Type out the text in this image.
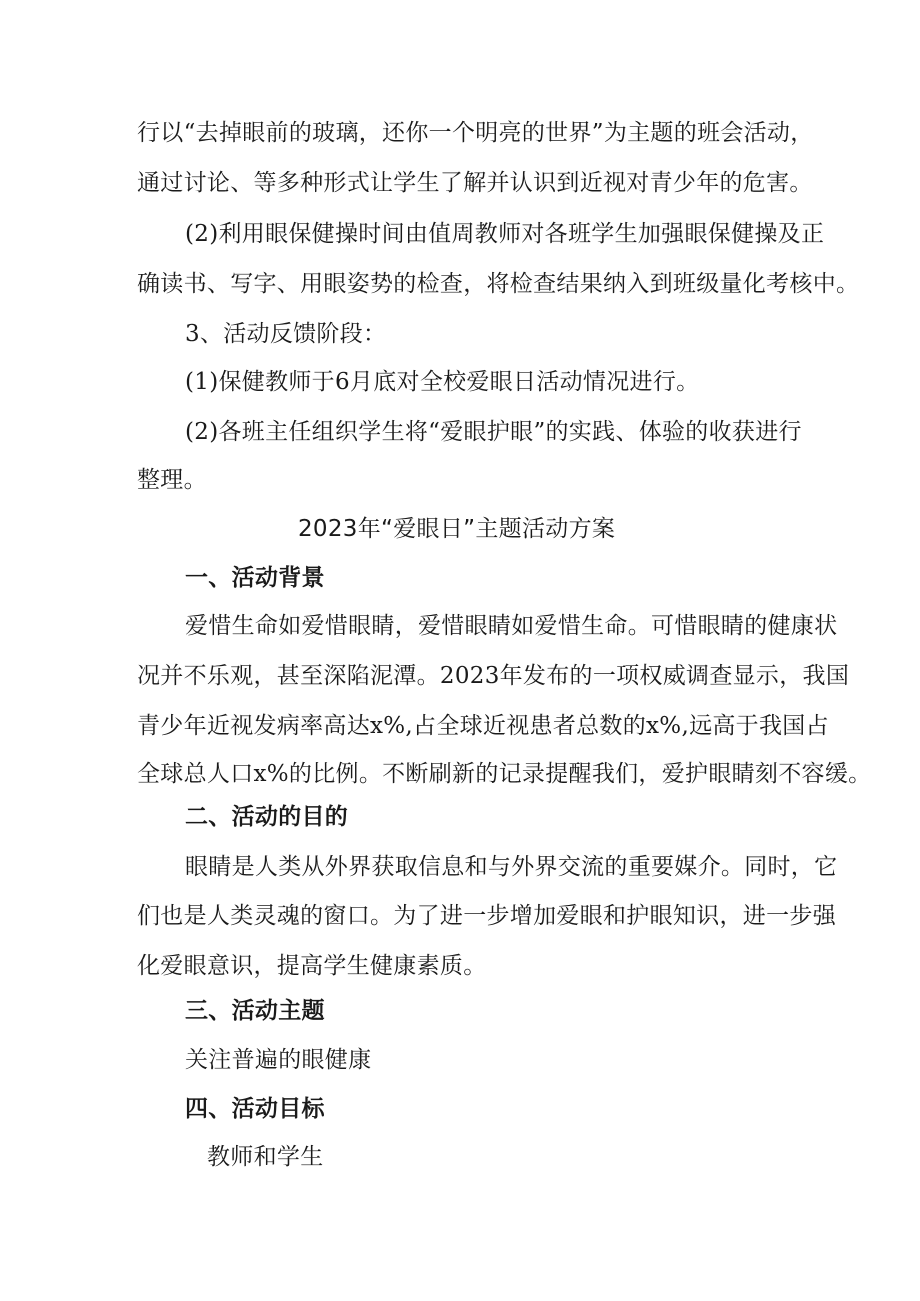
行以“去掉眼前的玻璃，还你一个明亮的世界”为主题的班会活动，
通过讨论、等多种形式让学生了解并认识到近视对青少年的危害。
(2)利用眼保健操时间由值周教师对各班学生加强眼保健操及正
确读书、写字、用眼姿势的检查，将检查结果纳入到班级量化考核中。
3、活动反馈阶段：
(1)保健教师于6月底对全校爱眼日活动情况进行。
(2)各班主任组织学生将“爱眼护眼”的实践、体验的收获进行
整理。
2023年“爱眼日”主题活动方案
一、活动背景
爱惜生命如爱惜眼睛，爱惜眼睛如爱惜生命。可惜眼睛的健康状
况并不乐观，甚至深陷泥潭。2023年发布的一项权威调查显示，我国
青少年近视发病率高达x%,占全球近视患者总数的x%,远高于我国占
全球总人口x%的比例。不断刷新的记录提醒我们，爱护眼睛刻不容缓。
二、活动的目的
眼睛是人类从外界获取信息和与外界交流的重要媒介。同时，它
们也是人类灵魂的窗口。为了进一步增加爱眼和护眼知识，进一步强
化爱眼意识，提高学生健康素质。
三、活动主题
关注普遍的眼健康
四、活动目标
教师和学生
